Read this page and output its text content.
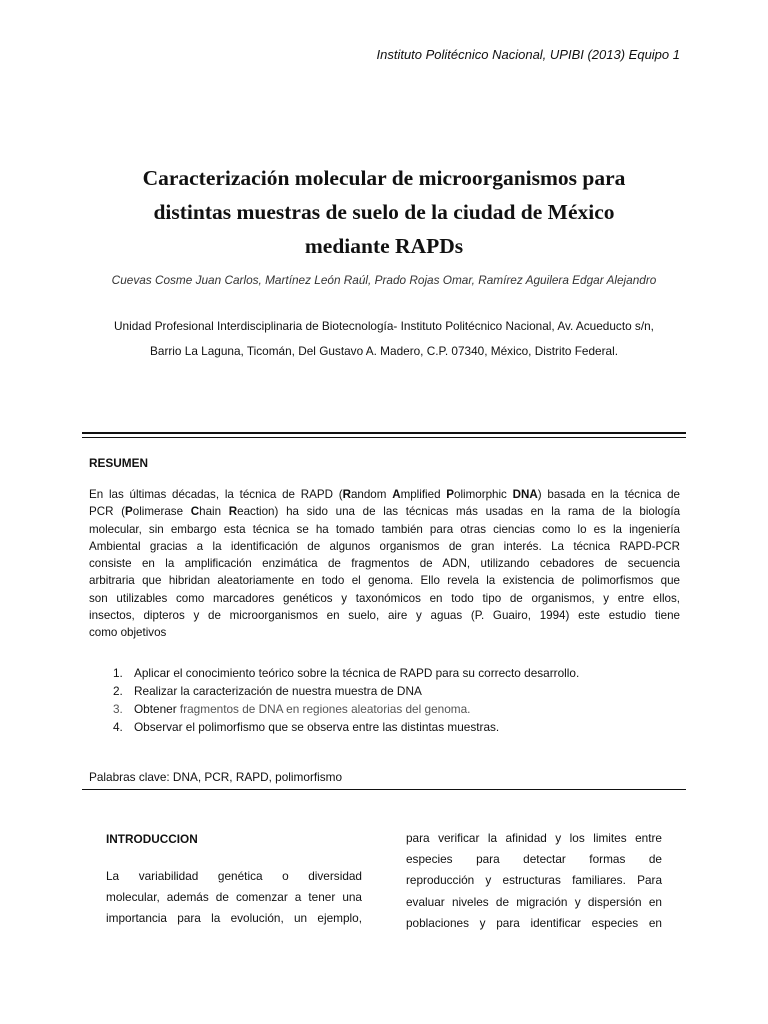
Instituto Politécnico Nacional, UPIBI (2013) Equipo 1
Caracterización molecular de microorganismos para
distintas muestras de suelo de la ciudad de México
mediante RAPDs
Cuevas Cosme Juan Carlos, Martínez León Raúl, Prado Rojas Omar, Ramírez Aguilera Edgar Alejandro
Unidad Profesional Interdisciplinaria de Biotecnología- Instituto Politécnico Nacional, Av. Acueducto s/n,
Barrio La Laguna, Ticomán, Del Gustavo A. Madero, C.P. 07340, México, Distrito Federal.
RESUMEN
En las últimas décadas, la técnica de RAPD (Random Amplified Polimorphic DNA) basada en la técnica de
PCR (Polimerase Chain Reaction) ha sido una de las técnicas más usadas en la rama de la biología
molecular, sin embargo esta técnica se ha tomado también para otras ciencias como lo es la ingeniería
Ambiental gracias a la identificación de algunos organismos de gran interés. La técnica RAPD-PCR
consiste en la amplificación enzimática de fragmentos de ADN, utilizando cebadores de secuencia
arbitraria que hibridan aleatoriamente en todo el genoma. Ello revela la existencia de polimorfismos que
son utilizables como marcadores genéticos y taxonómicos en todo tipo de organismos, y entre ellos,
insectos, dipteros y de microorganismos en suelo, aire y aguas (P. Guairo, 1994) este estudio tiene
como objetivos
1. Aplicar el conocimiento teórico sobre la técnica de RAPD para su correcto desarrollo.
2. Realizar la caracterización de nuestra muestra de DNA
3. Obtener fragmentos de DNA en regiones aleatorias del genoma.
4. Observar el polimorfismo que se observa entre las distintas muestras.
Palabras clave: DNA, PCR, RAPD, polimorfismo
INTRODUCCION
La variabilidad genética o diversidad
molecular, además de comenzar a tener una
importancia para la evolución, un ejemplo,
para verificar la afinidad y los limites entre
especies para detectar formas de
reproducción y estructuras familiares. Para
evaluar niveles de migración y dispersión en
poblaciones y para identificar especies en
